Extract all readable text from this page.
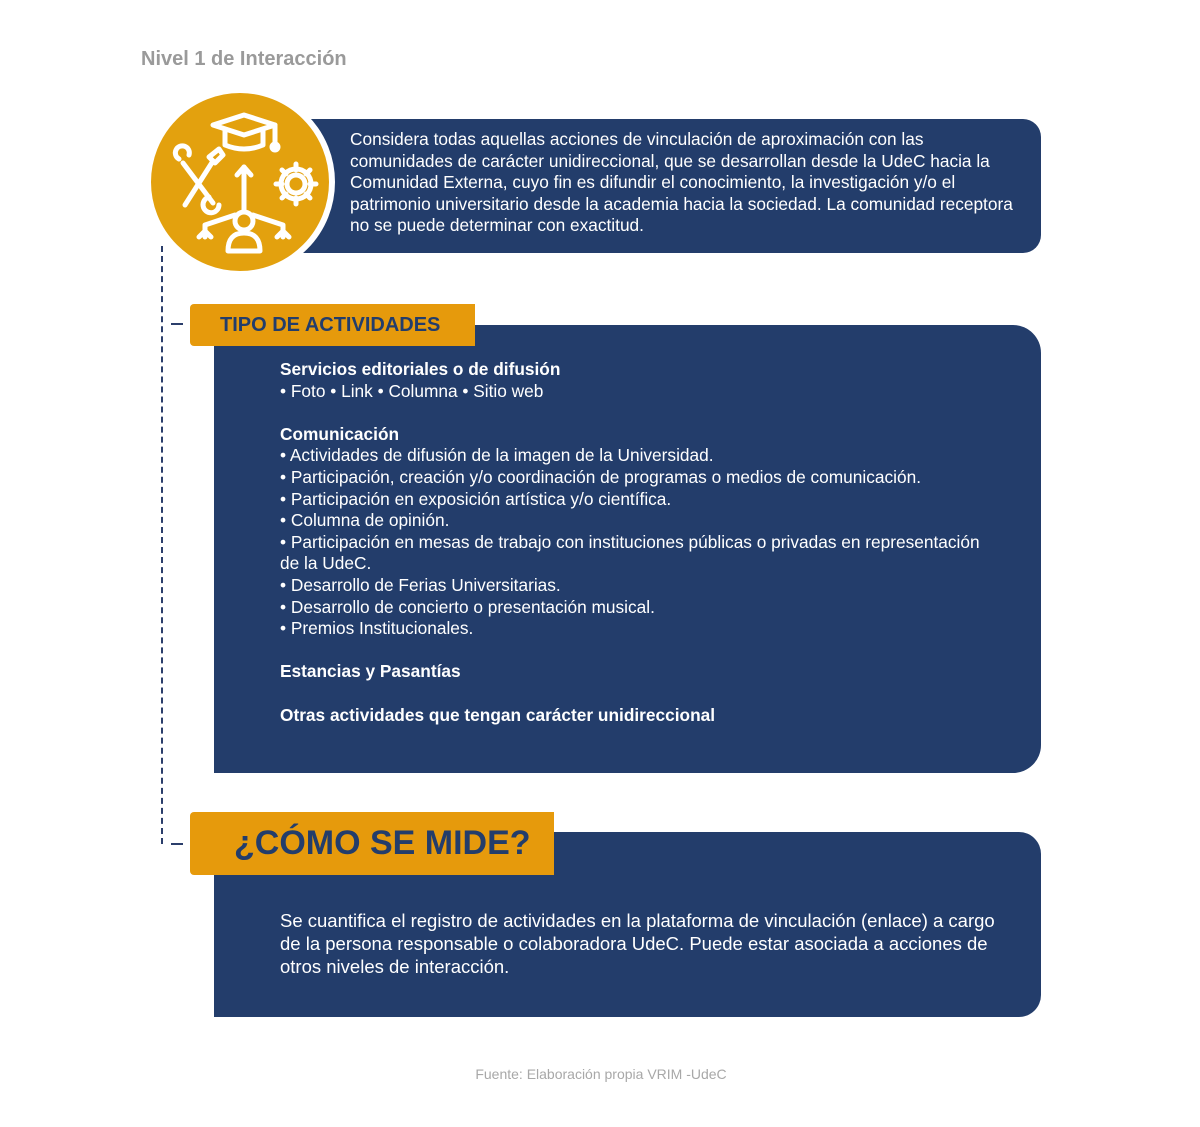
Nivel 1 de Interacción
Considera todas aquellas acciones de vinculación de aproximación con las comunidades de carácter unidireccional, que se desarrollan desde la UdeC hacia la Comunidad Externa, cuyo fin es difundir el conocimiento, la investigación y/o el patrimonio universitario desde la academia hacia la sociedad. La comunidad receptora no se puede determinar con exactitud.
TIPO DE ACTIVIDADES
Servicios editoriales o de difusión
• Foto • Link • Columna • Sitio web
Comunicación
• Actividades de difusión de la imagen de la Universidad.
• Participación, creación y/o coordinación de programas o medios de comunicación.
• Participación en exposición artística y/o científica.
• Columna de opinión.
• Participación en mesas de trabajo con instituciones públicas o privadas en representación de la UdeC.
• Desarrollo de Ferias Universitarias.
• Desarrollo de concierto o presentación musical.
• Premios Institucionales.
Estancias y Pasantías
Otras actividades que tengan carácter unidireccional
¿CÓMO SE MIDE?
Se cuantifica el registro de actividades en la plataforma de vinculación (enlace) a cargo de la persona responsable o colaboradora UdeC. Puede estar asociada a acciones de otros niveles de interacción.
Fuente: Elaboración propia VRIM -UdeC
